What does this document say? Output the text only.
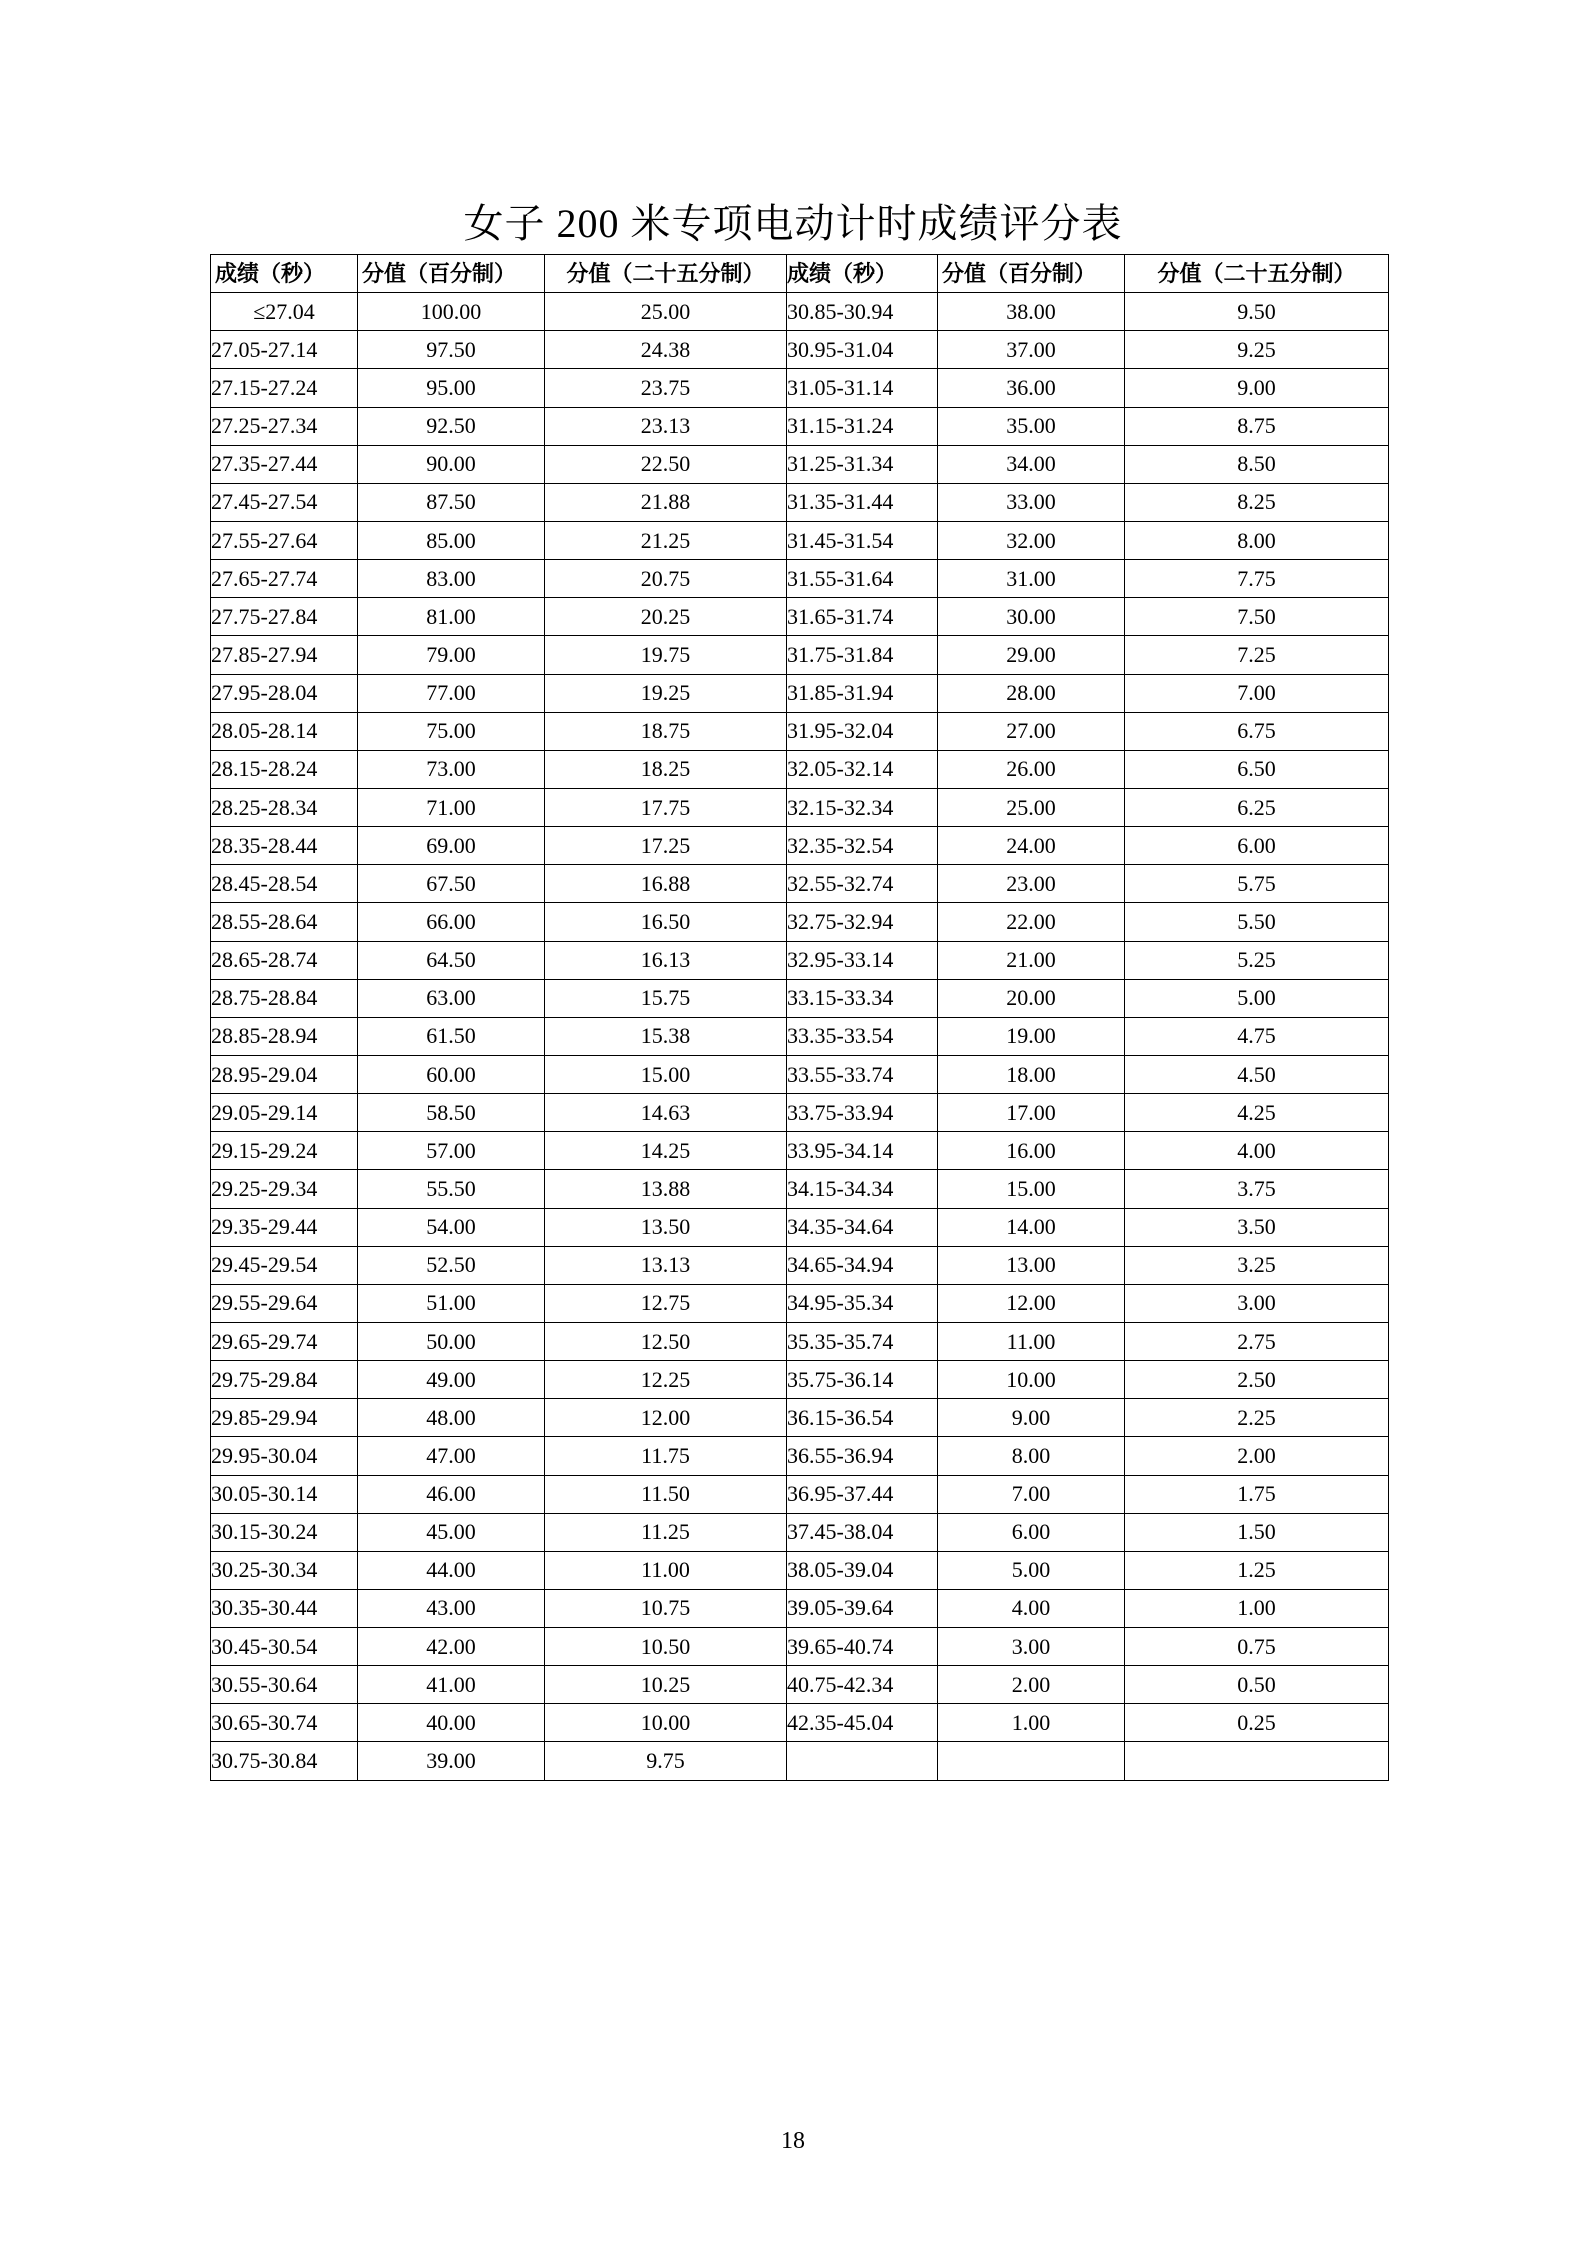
女子 200 米专项电动计时成绩评分表
成绩（秒）	分值（百分制）	分值（二十五分制）	成绩（秒）	分值（百分制）	分值（二十五分制）
≤27.04	100.00	25.00	30.85-30.94	38.00	9.50
27.05-27.14	97.50	24.38	30.95-31.04	37.00	9.25
27.15-27.24	95.00	23.75	31.05-31.14	36.00	9.00
27.25-27.34	92.50	23.13	31.15-31.24	35.00	8.75
27.35-27.44	90.00	22.50	31.25-31.34	34.00	8.50
27.45-27.54	87.50	21.88	31.35-31.44	33.00	8.25
27.55-27.64	85.00	21.25	31.45-31.54	32.00	8.00
27.65-27.74	83.00	20.75	31.55-31.64	31.00	7.75
27.75-27.84	81.00	20.25	31.65-31.74	30.00	7.50
27.85-27.94	79.00	19.75	31.75-31.84	29.00	7.25
27.95-28.04	77.00	19.25	31.85-31.94	28.00	7.00
28.05-28.14	75.00	18.75	31.95-32.04	27.00	6.75
28.15-28.24	73.00	18.25	32.05-32.14	26.00	6.50
28.25-28.34	71.00	17.75	32.15-32.34	25.00	6.25
28.35-28.44	69.00	17.25	32.35-32.54	24.00	6.00
28.45-28.54	67.50	16.88	32.55-32.74	23.00	5.75
28.55-28.64	66.00	16.50	32.75-32.94	22.00	5.50
28.65-28.74	64.50	16.13	32.95-33.14	21.00	5.25
28.75-28.84	63.00	15.75	33.15-33.34	20.00	5.00
28.85-28.94	61.50	15.38	33.35-33.54	19.00	4.75
28.95-29.04	60.00	15.00	33.55-33.74	18.00	4.50
29.05-29.14	58.50	14.63	33.75-33.94	17.00	4.25
29.15-29.24	57.00	14.25	33.95-34.14	16.00	4.00
29.25-29.34	55.50	13.88	34.15-34.34	15.00	3.75
29.35-29.44	54.00	13.50	34.35-34.64	14.00	3.50
29.45-29.54	52.50	13.13	34.65-34.94	13.00	3.25
29.55-29.64	51.00	12.75	34.95-35.34	12.00	3.00
29.65-29.74	50.00	12.50	35.35-35.74	11.00	2.75
29.75-29.84	49.00	12.25	35.75-36.14	10.00	2.50
29.85-29.94	48.00	12.00	36.15-36.54	9.00	2.25
29.95-30.04	47.00	11.75	36.55-36.94	8.00	2.00
30.05-30.14	46.00	11.50	36.95-37.44	7.00	1.75
30.15-30.24	45.00	11.25	37.45-38.04	6.00	1.50
30.25-30.34	44.00	11.00	38.05-39.04	5.00	1.25
30.35-30.44	43.00	10.75	39.05-39.64	4.00	1.00
30.45-30.54	42.00	10.50	39.65-40.74	3.00	0.75
30.55-30.64	41.00	10.25	40.75-42.34	2.00	0.50
30.65-30.74	40.00	10.00	42.35-45.04	1.00	0.25
30.75-30.84	39.00	9.75			
18
